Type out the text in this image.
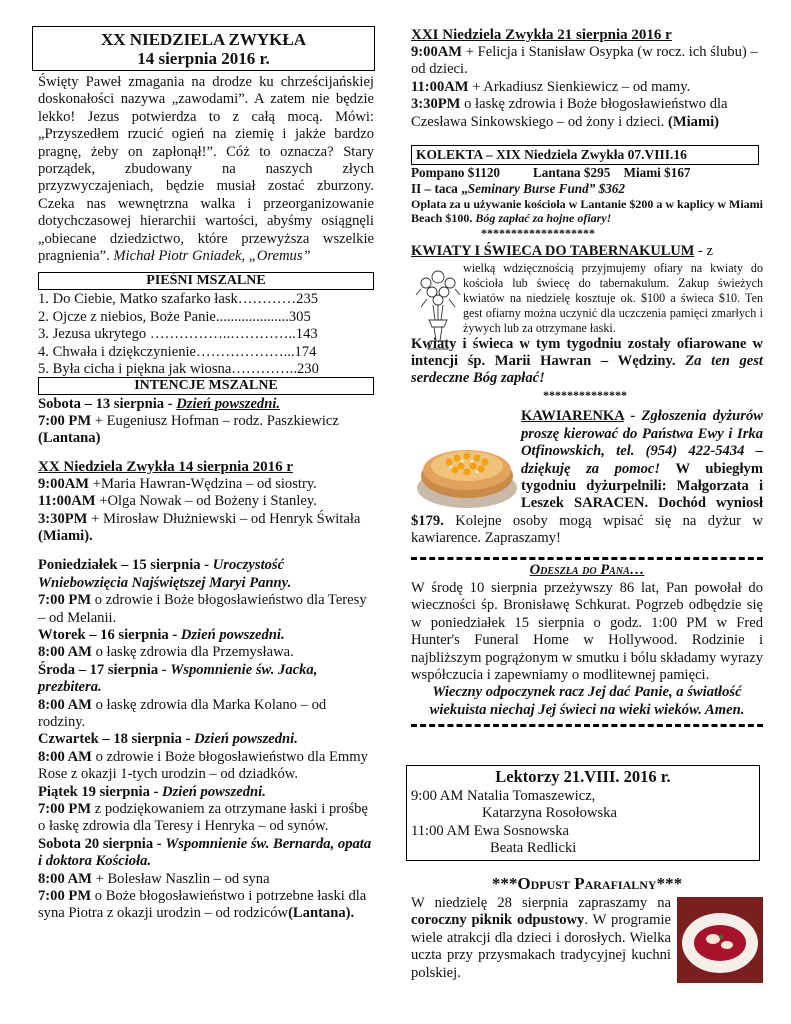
XX NIEDZIELA ZWYKŁA
14 sierpnia 2016 r.

Święty Paweł zmagania na drodze ku chrześcijańskiej doskonałości nazywa „zawodami”. A zatem nie będzie lekko! Jezus potwierdza to z całą mocą. Mówi: „Przyszedłem rzucić ogień na ziemię i jakże bardzo pragnę, żeby on zapłonął!”. Cóż to oznacza? Stary porządek, zbudowany na naszych złych przyzwyczajeniach, będzie musiał zostać zburzony. Czeka nas wewnętrzna walka i przeorganizowanie dotychczasowej hierarchii wartości, abyśmy osiągnęli „obiecane dziedzictwo, które przewyższa wszelkie pragnienia”. Michał Piotr Gniadek, „Oremus”

PIEŚNI MSZALNE
1. Do Ciebie, Matko szafarko łask…………235
2. Ojcze z niebios, Boże Panie....................305
3. Jezusa ukrytego ……………..…………..143
4. Chwała i dziękczynienie………………...174
5. Była cicha i piękna jak wiosna…………..230
INTENCJE MSZALNE

Sobota – 13 sierpnia - Dzień powszedni.
7:00 PM + Eugeniusz Hofman – rodz. Paszkiewicz (Lantana)

XX Niedziela Zwykła 14 sierpnia 2016 r
9:00AM +Maria Hawran-Wędzina – od siostry.
11:00AM +Olga Nowak – od Bożeny i Stanley.
3:30PM + Mirosław Dłużniewski – od Henryk Świtała (Miami).
Poniedziałek – 15 sierpnia - Uroczystość Wniebowzięcia Najświętszej Maryi Panny.
7:00 PM o zdrowie i Boże błogosławieństwo dla Teresy – od Melanii.
Wtorek – 16 sierpnia - Dzień powszedni.
8:00 AM o łaskę zdrowia dla Przemysława.
Środa – 17 sierpnia - Wspomnienie św. Jacka, prezbitera.
8:00 AM o łaskę zdrowia dla Marka Kolano – od rodziny.
Czwartek – 18 sierpnia - Dzień powszedni.
8:00 AM o zdrowie i Boże błogosławieństwo dla Emmy Rose z okazji 1-tych urodzin – od dziadków.
Piątek 19 sierpnia - Dzień powszedni.
7:00 PM z podziękowaniem za otrzymane łaski i prośbę o łaskę zdrowia dla Teresy i Henryka – od synów.
Sobota 20 sierpnia - Wspomnienie św. Bernarda, opata i doktora Kościoła.
8:00 AM + Bolesław Naszlin – od syna
7:00 PM o Boże błogosławieństwo i potrzebne łaski dla syna Piotra z okazji urodzin – od rodziców(Lantana).
XXI Niedziela Zwykła 21 sierpnia 2016 r
9:00AM + Felicja i Stanisław Osypka (w rocz. ich ślubu) – od dzieci.
11:00AM + Arkadiusz Sienkiewicz – od mamy.
3:30PM o łaskę zdrowia i Boże błogosławieństwo dla Czesława Sinkowskiego – od żony i dzieci. (Miami)
KOLEKTA – XIX Niedziela Zwykła 07.VIII.16
Pompano $1120          Lantana $295    Miami $167
II – taca „Seminary Burse Fund” $362
Oplata za u używanie kościoła w Lantanie $200 a w kaplicy w Miami Beach $100. Bóg zapłać za hojne ofiary!
*******************
KWIATY I ŚWIECA DO TABERNAKULUM - z

wielką wdzięcznością przyjmujemy ofiary na kwiaty do kościoła lub świecę do tabernakulum. Zakup świeżych kwiatów na niedzielę kosztuje ok. $100 a świeca $10. Ten gest ofiarny można uczynić dla uczczenia pamięci zmarłych i żywych lub za otrzymane łaski.

Kwiaty i świeca w tym tygodniu zostały ofiarowane w intencji śp. Marii Hawran – Wędziny. Za ten gest serdeczne Bóg zapłać!

**************

KAWIARENKA - Zgłoszenia dyżurów proszę kierować do Państwa Ewy i Irka Otfinowskich, tel. (954) 422-5434 – dziękuję za pomoc! W ubiegłym tygodniu dyżurpelnili: Małgorzata i Leszek SARACEN. Dochód wyniosł $179. Kolejne osoby mogą wpisać się na dyżur w kawiarence. Zapraszamy!

Odeszła do Pana…

W środę 10 sierpnia przeżywszy 86 lat, Pan powołał do wieczności śp. Bronisławę Schkurat. Pogrzeb odbędzie się w poniedziałek 15 sierpnia o godz. 1:00 PM w Fred Hunter's Funeral Home w Hollywood. Rodzinie i najbliższym pogrążonym w smutku i bólu składamy wyrazy współczucia i zapewniamy o modlitewnej pamięci.

Wieczny odpoczynek racz Jej dać Panie, a światłość wiekuista niechaj Jej świeci na wieki wieków. Amen.

Lektorzy 21.VIII. 2016 r.
9:00 AM Natalia Tomaszewicz,
Katarzyna Rosołowska
11:00 AM Ewa Sosnowska
Beata Redlicki
***Odpust Parafialny***

W niedzielę 28 sierpnia zapraszamy na coroczny piknik odpustowy. W programie wiele atrakcji dla dzieci i dorosłych. Wielka uczta przy przysmakach tradycyjnej kuchni polskiej.
